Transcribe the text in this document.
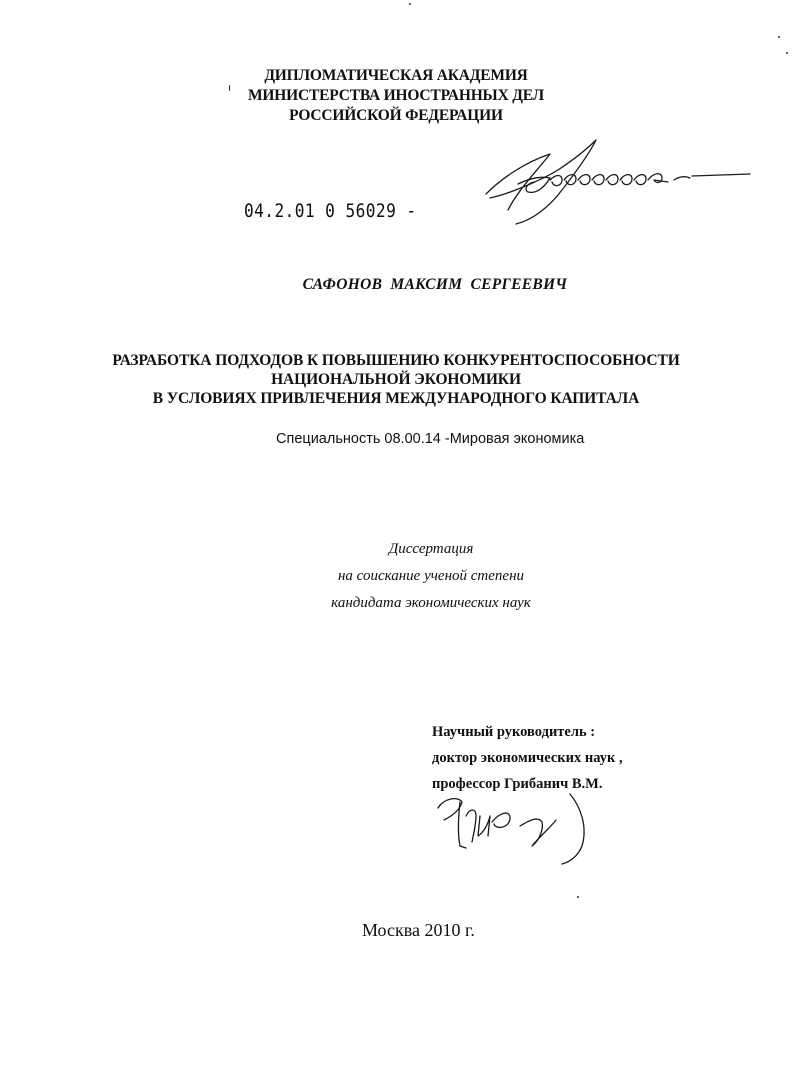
ДИПЛОМАТИЧЕСКАЯ АКАДЕМИЯ
МИНИСТЕРСТВА ИНОСТРАННЫХ ДЕЛ
РОССИЙСКОЙ ФЕДЕРАЦИИ
04.2.01 0 56029 -
САФОНОВ МАКСИМ СЕРГЕЕВИЧ
РАЗРАБОТКА ПОДХОДОВ К ПОВЫШЕНИЮ КОНКУРЕНТОСПОСОБНОСТИ
НАЦИОНАЛЬНОЙ ЭКОНОМИКИ
В УСЛОВИЯХ ПРИВЛЕЧЕНИЯ МЕЖДУНАРОДНОГО КАПИТАЛА
Специальность 08.00.14 -Мировая экономика
Диссертация
на соискание ученой степени
кандидата экономических наук
Научный руководитель :
доктор экономических наук ,
профессор Грибанич В.М.
Москва 2010 г.
